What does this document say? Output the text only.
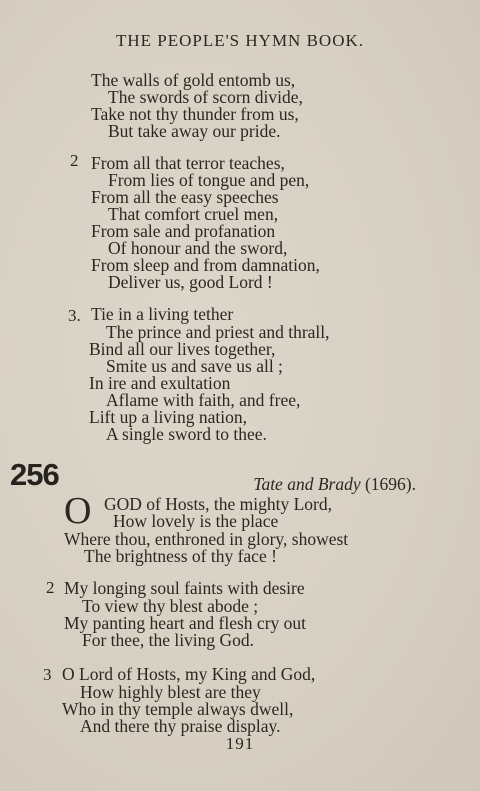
THE PEOPLE'S HYMN BOOK.
The walls of gold entomb us,
The swords of scorn divide,
Take not thy thunder from us,
But take away our pride.
2 From all that terror teaches,
From lies of tongue and pen,
From all the easy speeches
That comfort cruel men,
From sale and profanation
Of honour and the sword,
From sleep and from damnation,
Deliver us, good Lord !
3. Tie in a living tether
The prince and priest and thrall,
Bind all our lives together,
Smite us and save us all ;
In ire and exultation
Aflame with faith, and free,
Lift up a living nation,
A single sword to thee.
256	Tate and Brady (1696).
O GOD of Hosts, the mighty Lord,
How lovely is the place
Where thou, enthroned in glory, showest
The brightness of thy face !
2 My longing soul faints with desire
To view thy blest abode ;
My panting heart and flesh cry out
For thee, the living God.
3 O Lord of Hosts, my King and God,
How highly blest are they
Who in thy temple always dwell,
And there thy praise display.
191
